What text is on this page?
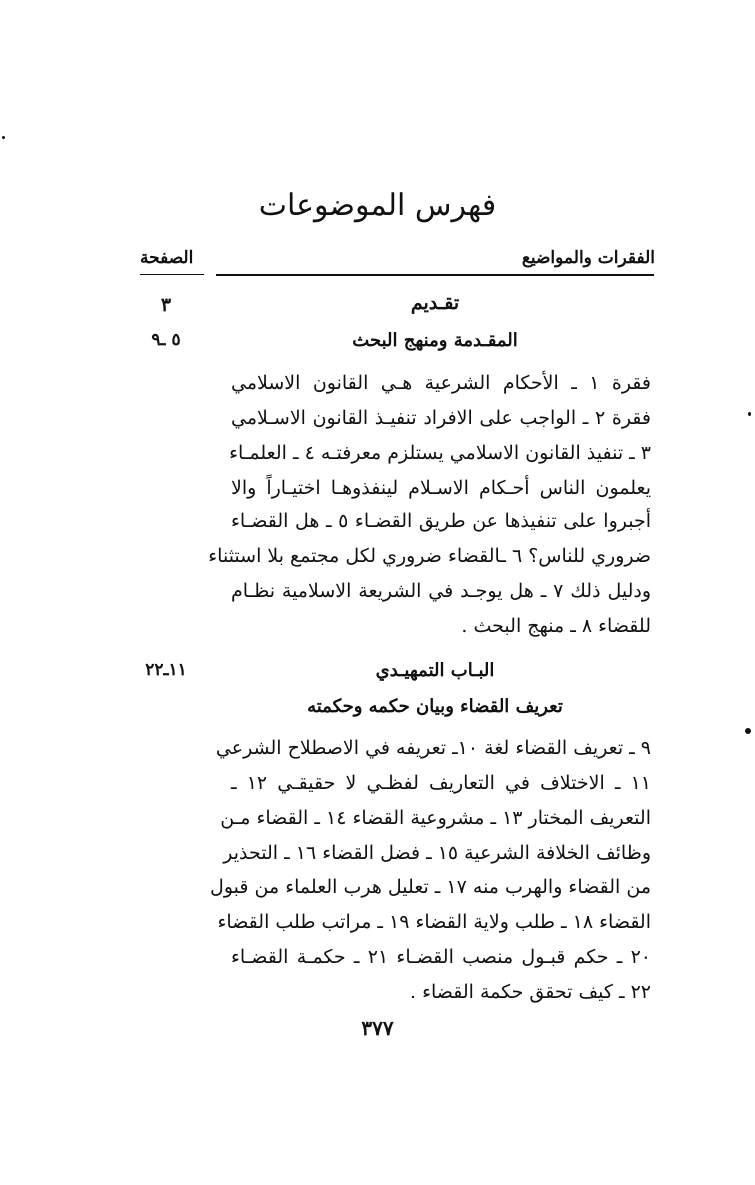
فهرس الموضوعات
الفقرات والمواضيع
الصفحة
تقـديم
٣
المقـدمة ومنهج البحث
٥ ـ٩
فقرة ١ ـ الأحكام الشرعية هـي القانون الاسلامي
فقرة ٢ ـ الواجب على الافراد تنفيـذ القانون الاسـلامي
٣ ـ تنفيذ القانون الاسلامي يستلزم معرفتـه ٤ ـ العلمـاء
يعلمون الناس أحـكام الاسـلام لينفذوهـا اختيـاراً والا
أجبروا على تنفيذها عن طريق القضـاء ٥ ـ هل القضـاء
ضروري للناس؟ ٦ ـالقضاء ضروري لكل مجتمع بلا استثناء
ودليل ذلك ٧ ـ هل يوجـد في الشريعة الاسلامية نظـام
للقضاء ٨ ـ منهج البحث .
البـاب التمهيـدي
١١ـ٢٢
تعريف القضاء وبيان حكمه وحكمته
٩ ـ تعريف القضاء لغة ١٠ـ تعريفه في الاصطلاح الشرعي
١١ ـ الاختلاف في التعاريف لفظـي لا حقيقـي ١٢ ـ
التعريف المختار ١٣ ـ مشروعية القضاء ١٤ ـ القضاء مـن
وظائف الخلافة الشرعية ١٥ ـ فضل القضاء ١٦ ـ التحذير
من القضاء والهرب منه ١٧ ـ تعليل هرب العلماء من قبول
القضاء ١٨ ـ طلب ولاية القضاء ١٩ ـ مراتب طلب القضاء
٢٠ ـ حكم قبـول منصب القضـاء ٢١ ـ حكمـة القضـاء
٢٢ ـ كيف تحقق حكمة القضاء .
٣٧٧
